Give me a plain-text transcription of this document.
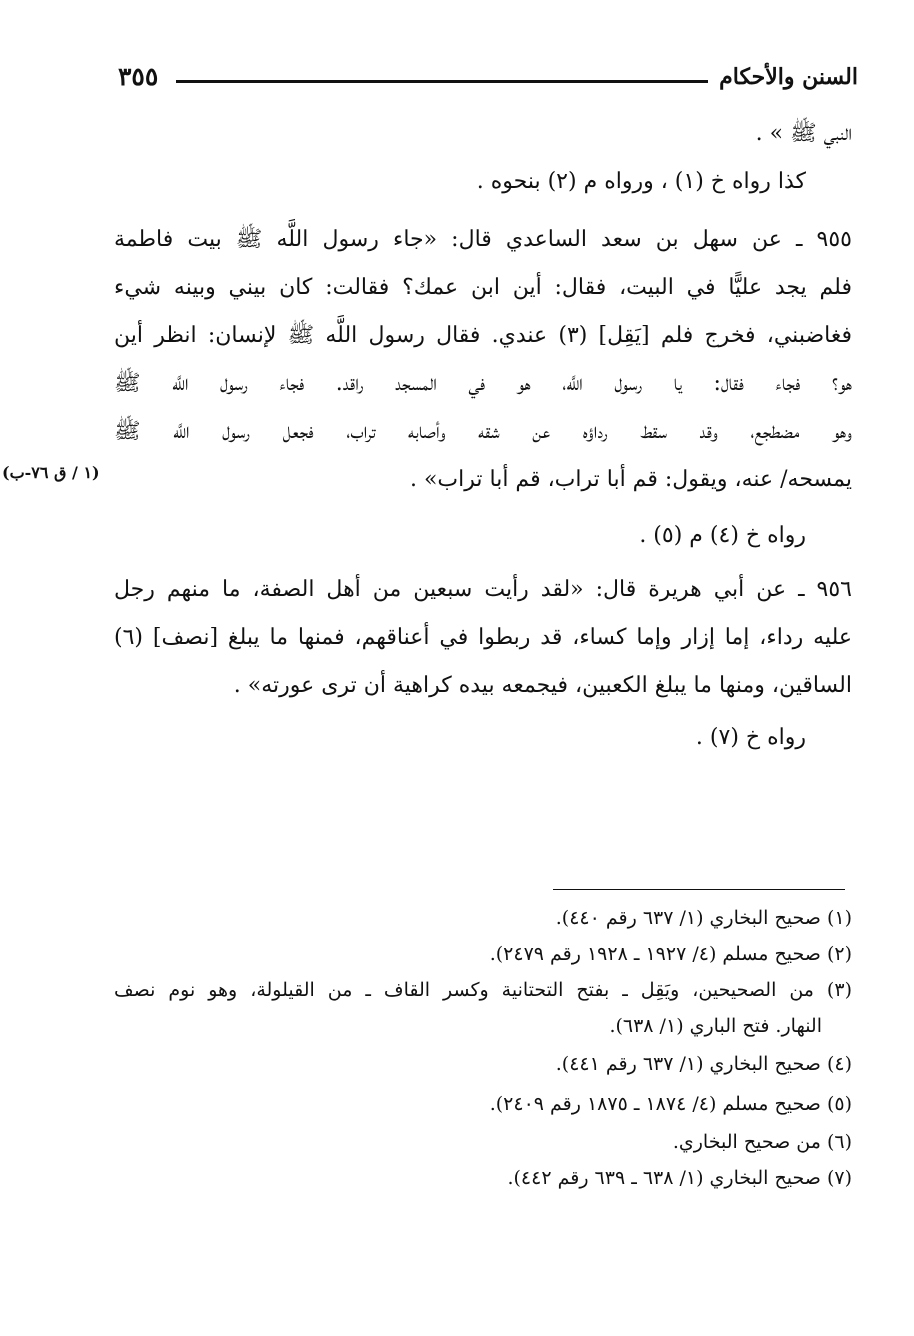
٣٥٥	السنن والأحكام
النبي ﷺ » .
كذا رواه خ (١) ، ورواه م (٢) بنحوه .
٩٥٥ ـ عن سهل بن سعد الساعدي قال: «جاء رسول اللَّه ﷺ بيت فاطمة
فلم يجد عليًّا في البيت، فقال: أين ابن عمك؟ فقالت: كان بيني وبينه شيء
فغاضبني، فخرج فلم [يَقِل] (٣) عندي. فقال رسول اللَّه ﷺ لإنسان: انظر أين
هو؟ فجاء فقال: يا رسول اللَّه، هو في المسجد راقد. فجاء رسول اللَّه ﷺ
وهو مضطجع، وقد سقط رداؤه عن شقه وأصابه تراب، فجعل رسول اللَّه ﷺ
يمسحه/ عنه، ويقول: قم أبا تراب، قم أبا تراب» .
(١ / ق ٧٦-ب)
رواه خ (٤) م (٥) .
٩٥٦ ـ عن أبي هريرة قال: «لقد رأيت سبعين من أهل الصفة، ما منهم رجل
عليه رداء، إما إزار وإما كساء، قد ربطوا في أعناقهم، فمنها ما يبلغ [نصف] (٦)
الساقين، ومنها ما يبلغ الكعبين، فيجمعه بيده كراهية أن ترى عورته» .
رواه خ (٧) .
(١) صحيح البخاري (١/ ٦٣٧ رقم ٤٤٠).
(٢) صحيح مسلم (٤/ ١٩٢٧ ـ ١٩٢٨ رقم ٢٤٧٩).
(٣) من الصحيحين، ويَقِل ـ بفتح التحتانية وكسر القاف ـ من القيلولة، وهو نوم نصف
النهار. فتح الباري (١/ ٦٣٨).
(٤) صحيح البخاري (١/ ٦٣٧ رقم ٤٤١).
(٥) صحيح مسلم (٤/ ١٨٧٤ ـ ١٨٧٥ رقم ٢٤٠٩).
(٦) من صحيح البخاري.
(٧) صحيح البخاري (١/ ٦٣٨ ـ ٦٣٩ رقم ٤٤٢).
